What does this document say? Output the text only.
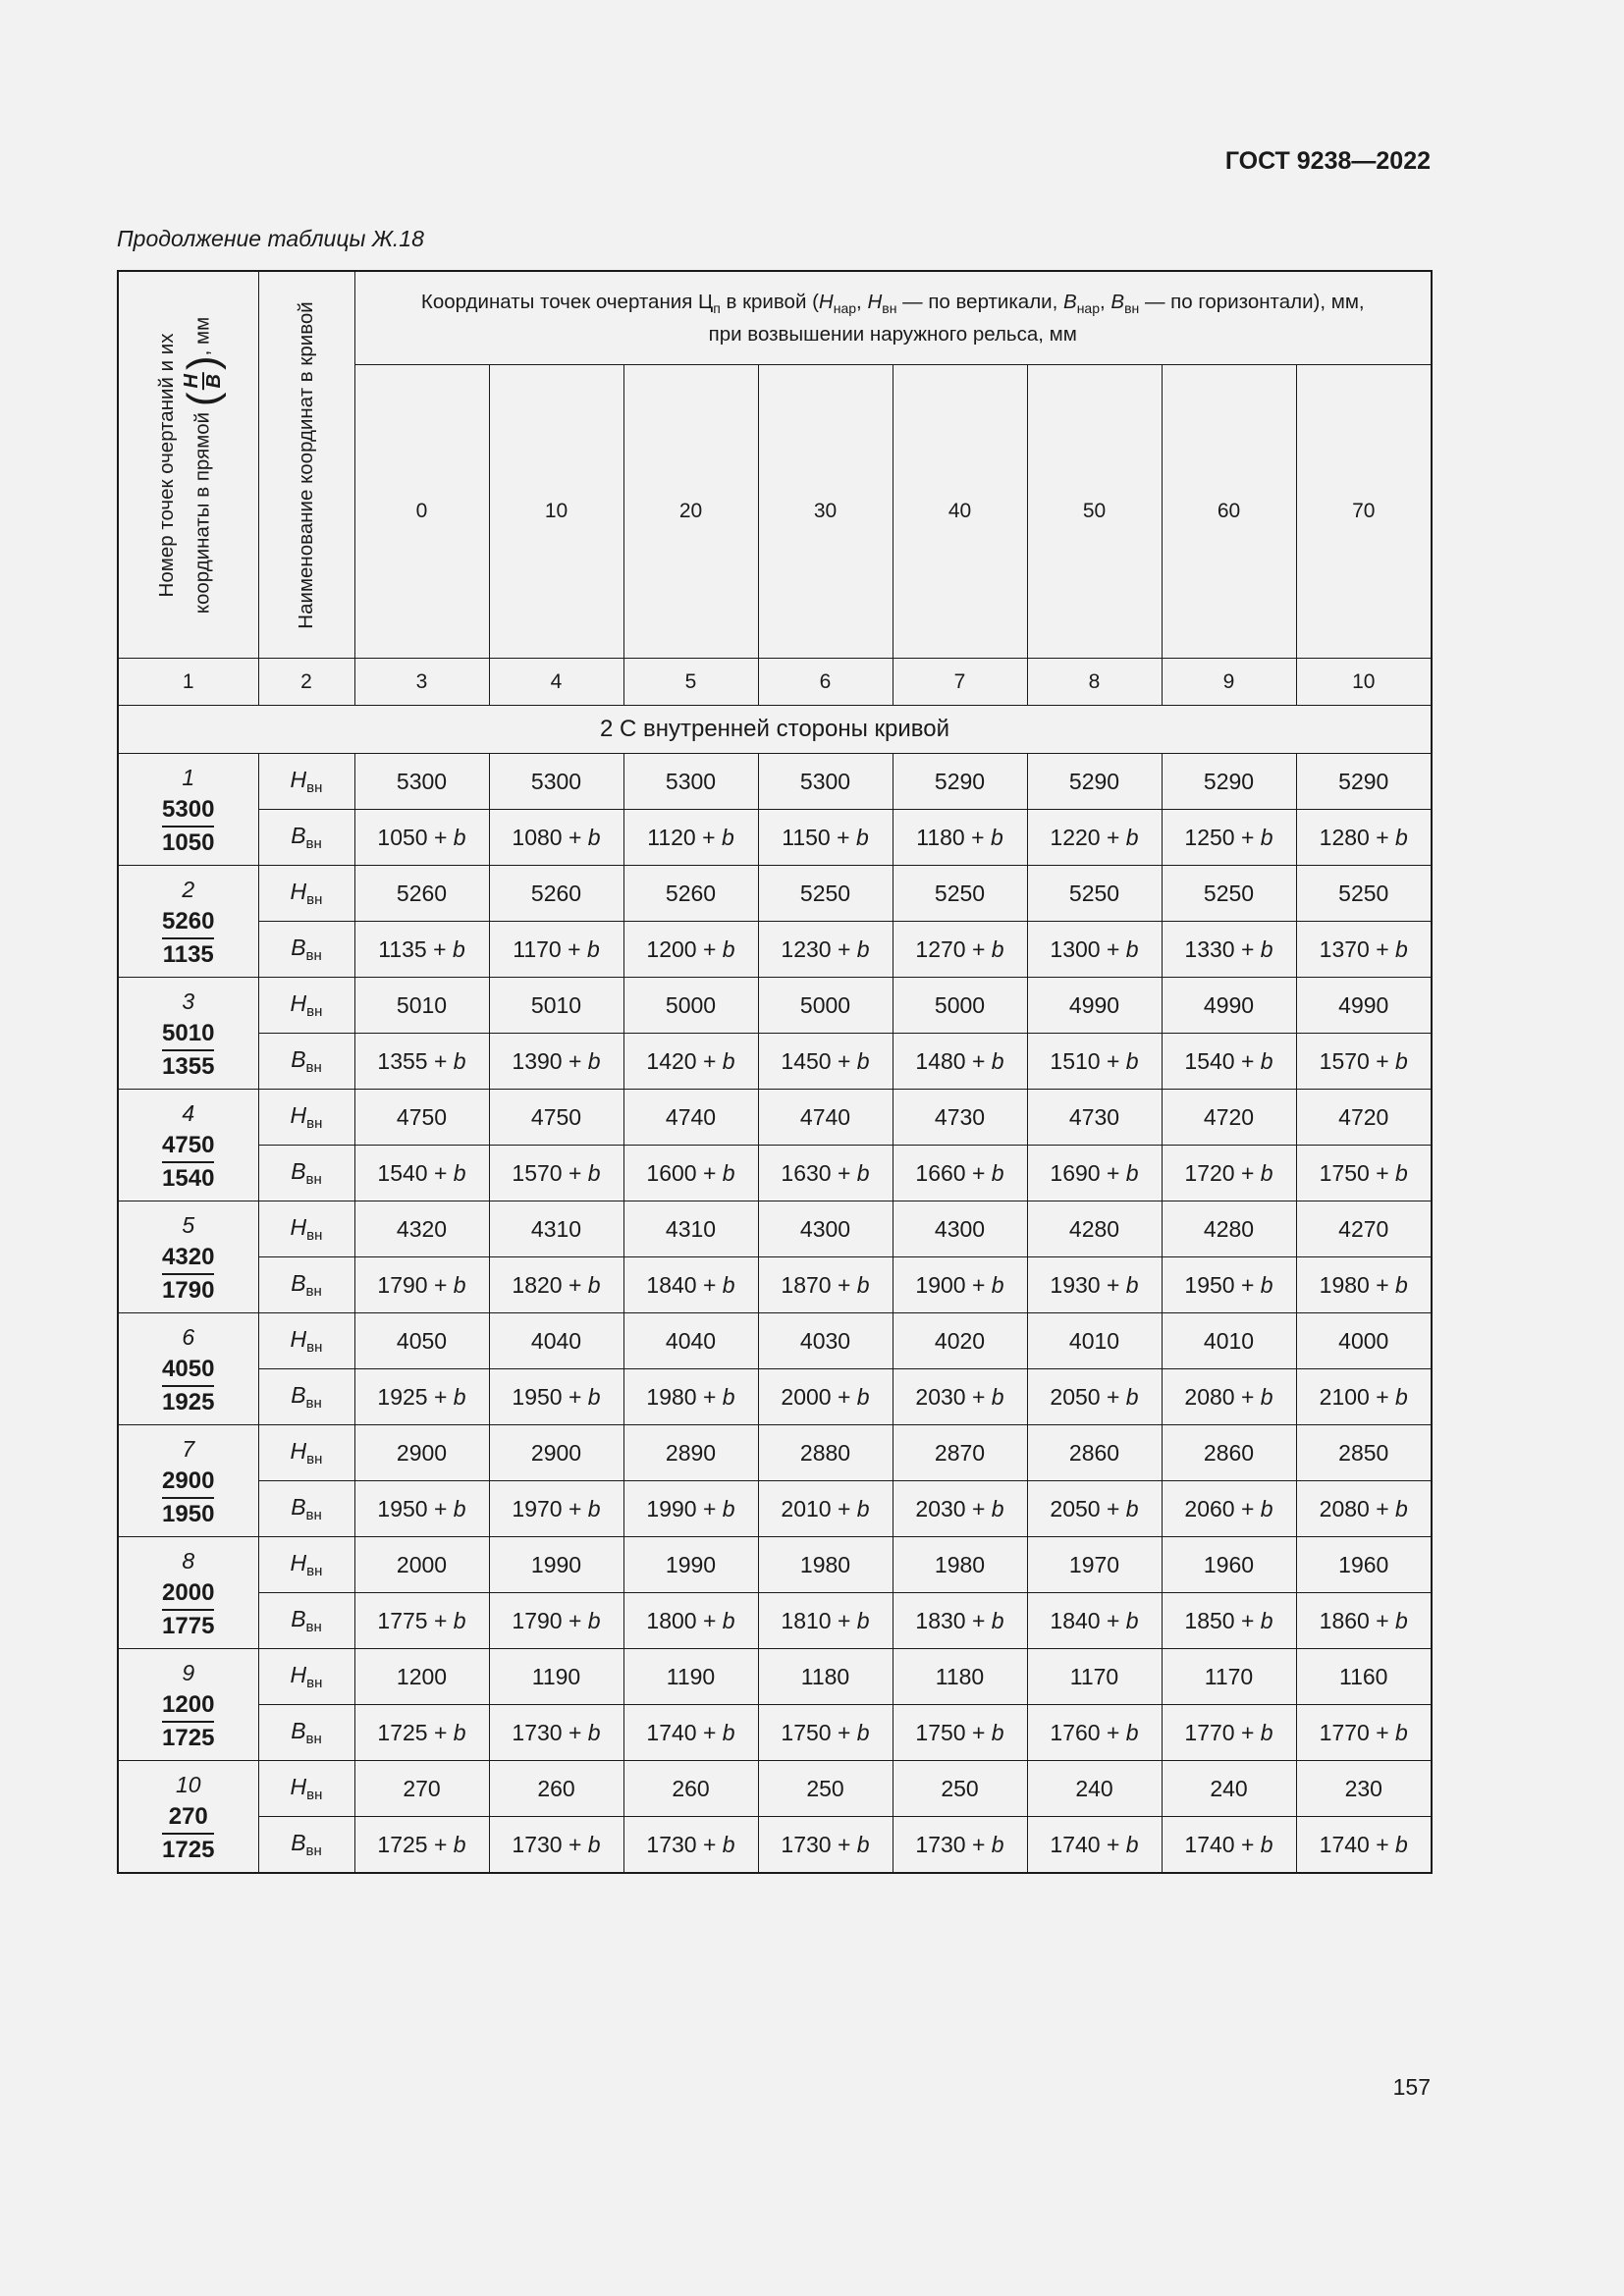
ГОСТ 9238—2022
Продолжение таблицы Ж.18
Номер точек очертаний и их координаты в прямой (
H B
), мм	Наименование координат в кривой	Координаты точек очертания $Ц_п$ в кривой ($H_{нар}$, $H_{вн}$ — по вертикали, $B_{нар}$, $B_{вн}$ — по горизонтали), мм,
при возвышении наружного рельса, мм							
		0	10	20	30	40	50	60	70
1	2	3	4	5	6	7	8	9	10
2 С внутренней стороны кривой									

1
$\frac{5300}{1050}$	$H_{вн}$	5300	5300	5300	5300	5290	5290	5290	5290
	$B_{вн}$	1050 + b	1080 + b	1120 + b	1150 + b	1180 + b	1220 + b	1250 + b	1280 + b

2
$\frac{5260}{1135}$	$H_{вн}$	5260	5260	5260	5250	5250	5250	5250	5250
	$B_{вн}$	1135 + b	1170 + b	1200 + b	1230 + b	1270 + b	1300 + b	1330 + b	1370 + b

3
$\frac{5010}{1355}$	$H_{вн}$	5010	5010	5000	5000	5000	4990	4990	4990
	$B_{вн}$	1355 + b	1390 + b	1420 + b	1450 + b	1480 + b	1510 + b	1540 + b	1570 + b

4
$\frac{4750}{1540}$	$H_{вн}$	4750	4750	4740	4740	4730	4730	4720	4720
	$B_{вн}$	1540 + b	1570 + b	1600 + b	1630 + b	1660 + b	1690 + b	1720 + b	1750 + b

5
$\frac{4320}{1790}$	$H_{вн}$	4320	4310	4310	4300	4300	4280	4280	4270
	$B_{вн}$	1790 + b	1820 + b	1840 + b	1870 + b	1900 + b	1930 + b	1950 + b	1980 + b

6
$\frac{4050}{1925}$	$H_{вн}$	4050	4040	4040	4030	4020	4010	4010	4000
	$B_{вн}$	1925 + b	1950 + b	1980 + b	2000 + b	2030 + b	2050 + b	2080 + b	2100 + b

7
$\frac{2900}{1950}$	$H_{вн}$	2900	2900	2890	2880	2870	2860	2860	2850
	$B_{вн}$	1950 + b	1970 + b	1990 + b	2010 + b	2030 + b	2050 + b	2060 + b	2080 + b

8
$\frac{2000}{1775}$	$H_{вн}$	2000	1990	1990	1980	1980	1970	1960	1960
	$B_{вн}$	1775 + b	1790 + b	1800 + b	1810 + b	1830 + b	1840 + b	1850 + b	1860 + b

9
$\frac{1200}{1725}$	$H_{вн}$	1200	1190	1190	1180	1180	1170	1170	1160
	$B_{вн}$	1725 + b	1730 + b	1740 + b	1750 + b	1750 + b	1760 + b	1770 + b	1770 + b

10
$\frac{270}{1725}$	$H_{вн}$	270	260	260	250	250	240	240	230
	$B_{вн}$	1725 + b	1730 + b	1730 + b	1730 + b	1730 + b	1740 + b	1740 + b	1740 + b
157
